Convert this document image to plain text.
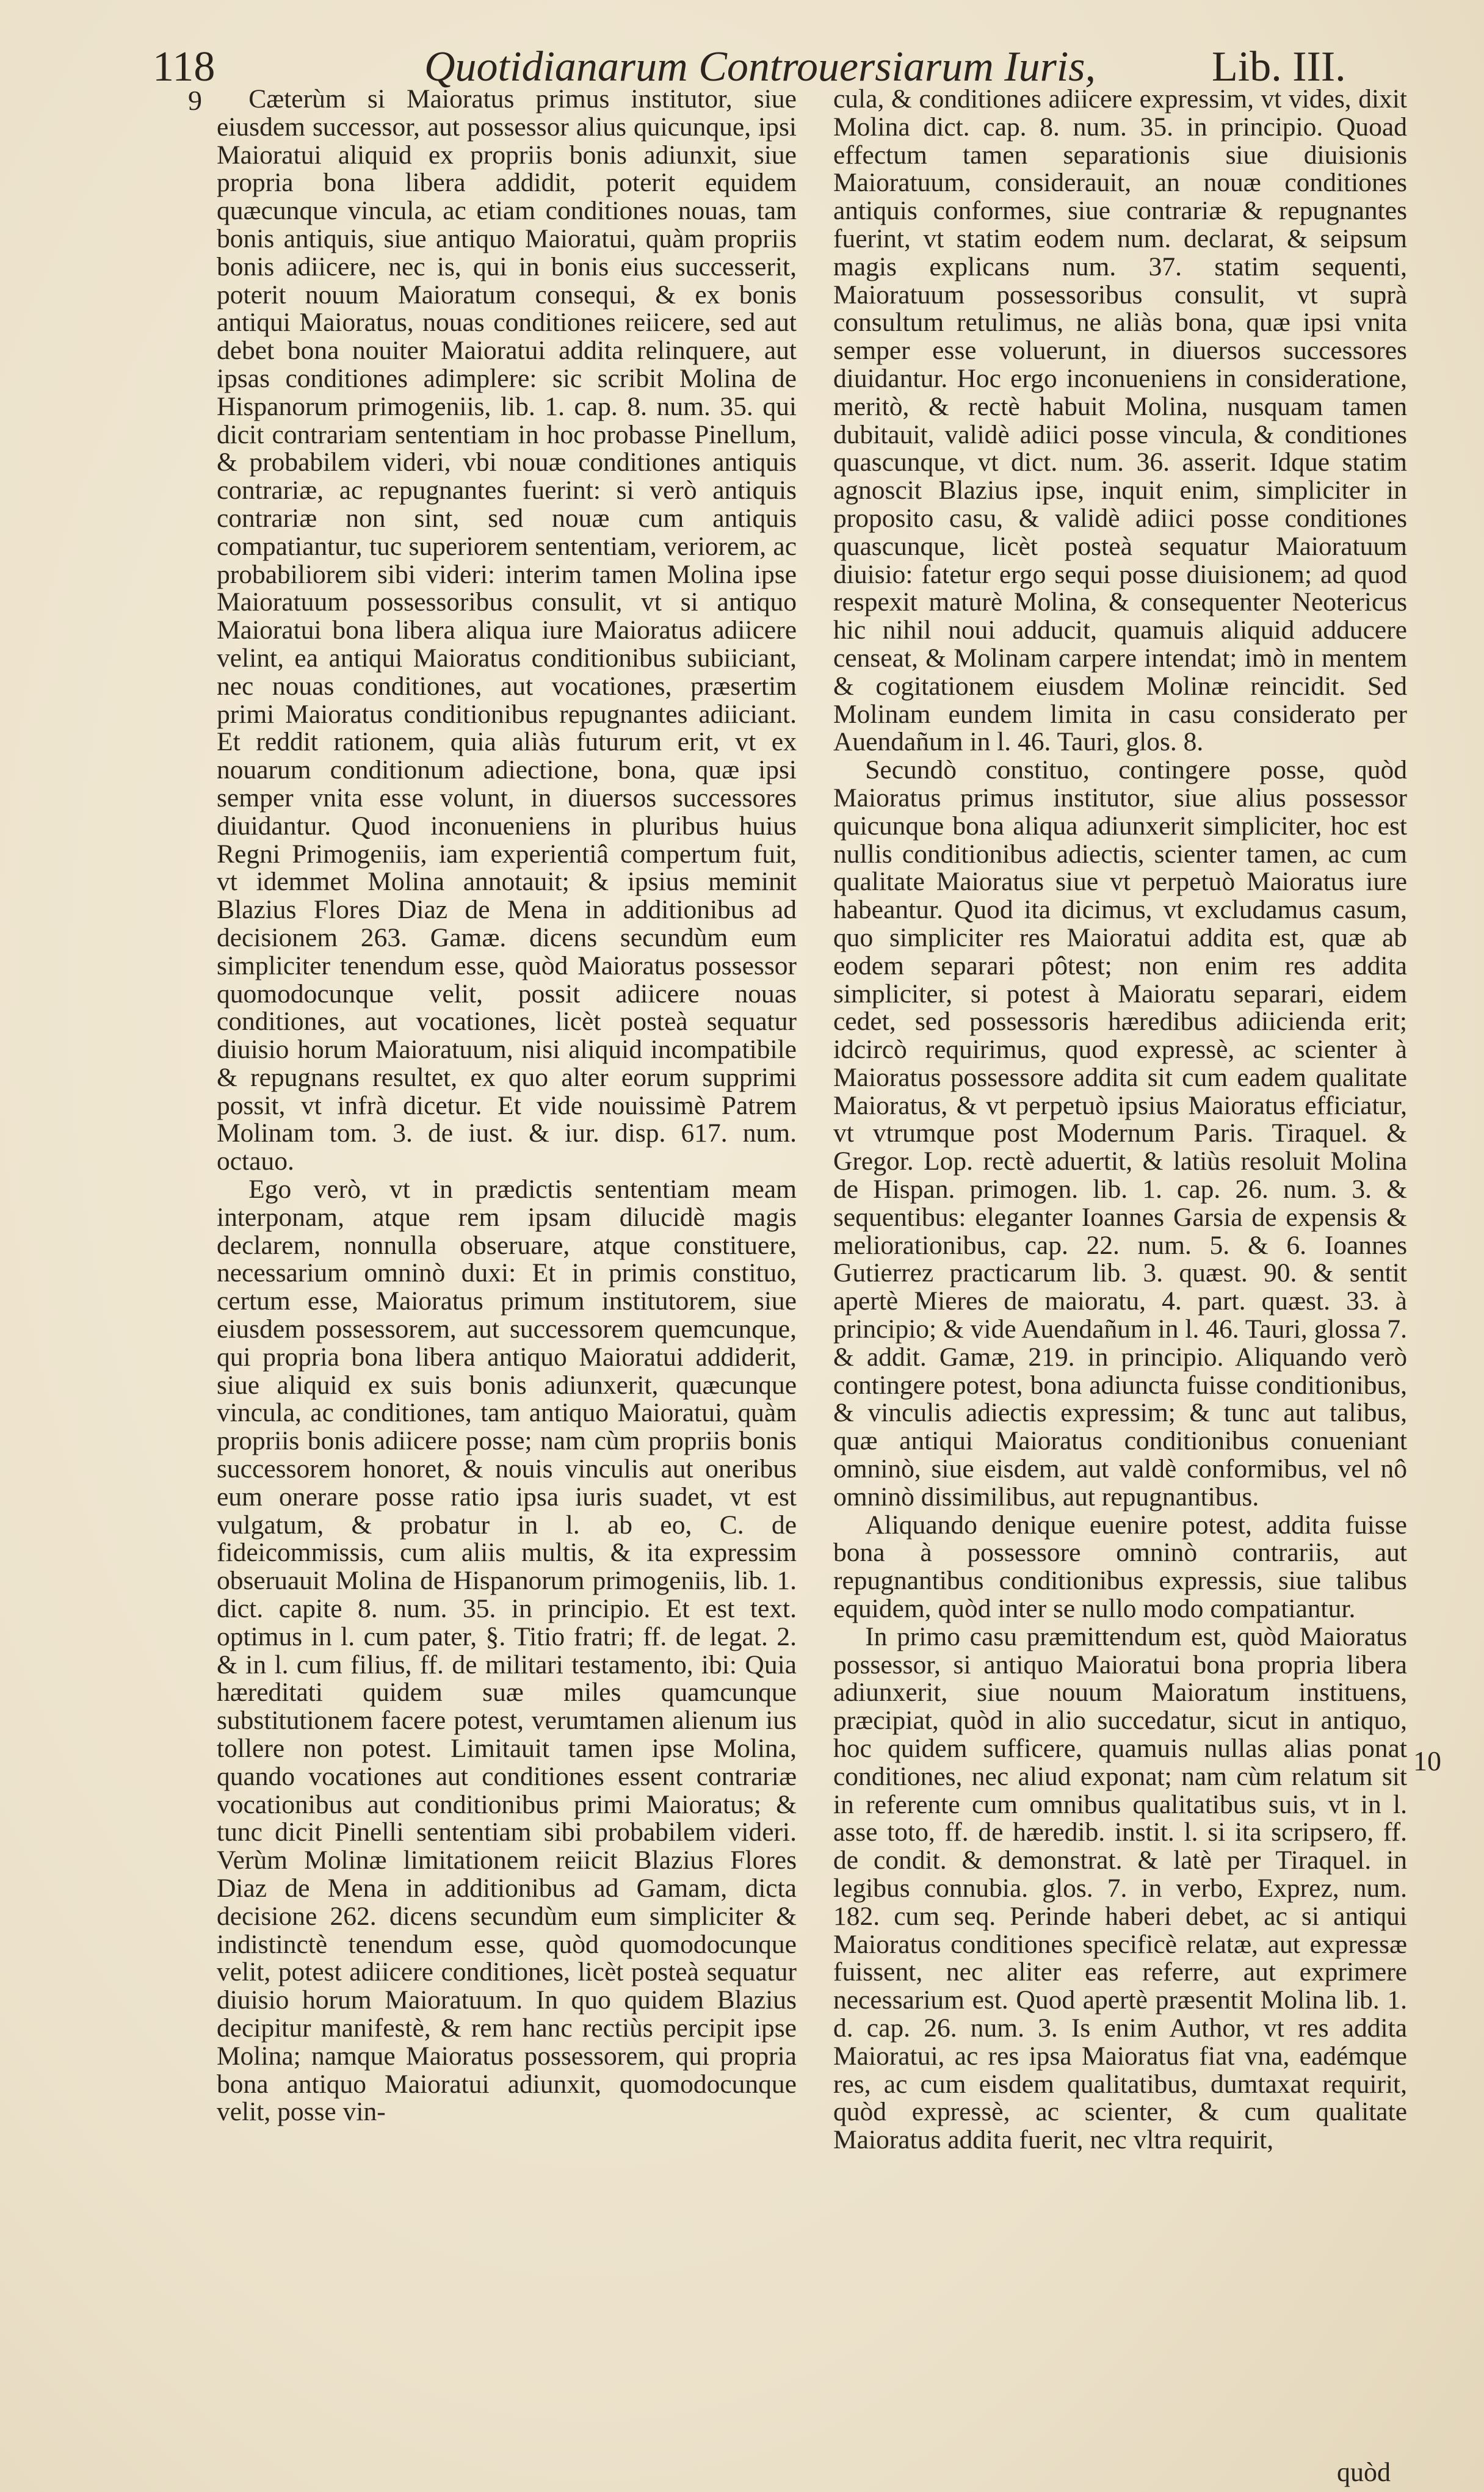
118	Quotidianarum Controuersiarum Iuris,	Lib. III.
9
10

Cæterùm si Maioratus primus institutor, siue eiusdem successor, aut possessor alius quicunque, ipsi Maioratui aliquid ex propriis bonis adiunxit, siue propria bona libera addidit, poterit equidem quæcunque vincula, ac etiam conditiones nouas, tam bonis antiquis, siue antiquo Maioratui, quàm propriis bonis adiicere, nec is, qui in bonis eius successerit, poterit nouum Maioratum consequi, & ex bonis antiqui Maioratus, nouas conditiones reiicere, sed aut debet bona nouiter Maioratui addita relinquere, aut ipsas conditiones adimplere: sic scribit Molina de Hispanorum primogeniis, lib. 1. cap. 8. num. 35. qui dicit contrariam sententiam in hoc probasse Pinellum, & probabilem videri, vbi nouæ conditiones antiquis contrariæ, ac repugnantes fuerint: si verò antiquis contrariæ non sint, sed nouæ cum antiquis compatiantur, tuc superiorem sententiam, veriorem, ac probabiliorem sibi videri: interim tamen Molina ipse Maioratuum possessoribus consulit, vt si antiquo Maioratui bona libera aliqua iure Maioratus adiicere velint, ea antiqui Maioratus conditionibus subiiciant, nec nouas conditiones, aut vocationes, præsertim primi Maioratus conditionibus repugnantes adiiciant. Et reddit rationem, quia aliàs futurum erit, vt ex nouarum conditionum adiectione, bona, quæ ipsi semper vnita esse volunt, in diuersos successores diuidantur. Quod inconueniens in pluribus huius Regni Primogeniis, iam experientiâ compertum fuit, vt idemmet Molina annotauit; & ipsius meminit Blazius Flores Diaz de Mena in additionibus ad decisionem 263. Gamæ. dicens secundùm eum simpliciter tenendum esse, quòd Maioratus possessor quomodocunque velit, possit adiicere nouas conditiones, aut vocationes, licèt posteà sequatur diuisio horum Maioratuum, nisi aliquid incompatibile & repugnans resultet, ex quo alter eorum supprimi possit, vt infrà dicetur. Et vide nouissimè Patrem Molinam tom. 3. de iust. & iur. disp. 617. num. octauo.

Ego verò, vt in prædictis sententiam meam interponam, atque rem ipsam dilucidè magis declarem, nonnulla obseruare, atque constituere, necessarium omninò duxi: Et in primis constituo, certum esse, Maioratus primum institutorem, siue eiusdem possessorem, aut successorem quemcunque, qui propria bona libera antiquo Maioratui addiderit, siue aliquid ex suis bonis adiunxerit, quæcunque vincula, ac conditiones, tam antiquo Maioratui, quàm propriis bonis adiicere posse; nam cùm propriis bonis successorem honoret, & nouis vinculis aut oneribus eum onerare posse ratio ipsa iuris suadet, vt est vulgatum, & probatur in l. ab eo, C. de fideicommissis, cum aliis multis, & ita expressim obseruauit Molina de Hispanorum primogeniis, lib. 1. dict. capite 8. num. 35. in principio. Et est text. optimus in l. cum pater, §. Titio fratri; ff. de legat. 2. & in l. cum filius, ff. de militari testamento, ibi: Quia hæreditati quidem suæ miles quamcunque substitutionem facere potest, verumtamen alienum ius tollere non potest. Limitauit tamen ipse Molina, quando vocationes aut conditiones essent contrariæ vocationibus aut conditionibus primi Maioratus; & tunc dicit Pinelli sententiam sibi probabilem videri. Verùm Molinæ limitationem reiicit Blazius Flores Diaz de Mena in additionibus ad Gamam, dicta decisione 262. dicens secundùm eum simpliciter & indistinctè tenendum esse, quòd quomodocunque velit, potest adiicere conditiones, licèt posteà sequatur diuisio horum Maioratuum. In quo quidem Blazius decipitur manifestè, & rem hanc rectiùs percipit ipse Molina; namque Maioratus possessorem, qui propria bona antiquo Maioratui adiunxit, quomodocunque velit, posse vin-

cula, & conditiones adiicere expressim, vt vides, dixit Molina dict. cap. 8. num. 35. in principio. Quoad effectum tamen separationis siue diuisionis Maioratuum, considerauit, an nouæ conditiones antiquis conformes, siue contrariæ & repugnantes fuerint, vt statim eodem num. declarat, & seipsum magis explicans num. 37. statim sequenti, Maioratuum possessoribus consulit, vt suprà consultum retulimus, ne aliàs bona, quæ ipsi vnita semper esse voluerunt, in diuersos successores diuidantur. Hoc ergo inconueniens in consideratione, meritò, & rectè habuit Molina, nusquam tamen dubitauit, validè adiici posse vincula, & conditiones quascunque, vt dict. num. 36. asserit. Idque statim agnoscit Blazius ipse, inquit enim, simpliciter in proposito casu, & validè adiici posse conditiones quascunque, licèt posteà sequatur Maioratuum diuisio: fatetur ergo sequi posse diuisionem; ad quod respexit maturè Molina, & consequenter Neotericus hic nihil noui adducit, quamuis aliquid adducere censeat, & Molinam carpere intendat; imò in mentem & cogitationem eiusdem Molinæ reincidit. Sed Molinam eundem limita in casu considerato per Auendañum in l. 46. Tauri, glos. 8.

Secundò constituo, contingere posse, quòd Maioratus primus institutor, siue alius possessor quicunque bona aliqua adiunxerit simpliciter, hoc est nullis conditionibus adiectis, scienter tamen, ac cum qualitate Maioratus siue vt perpetuò Maioratus iure habeantur. Quod ita dicimus, vt excludamus casum, quo simpliciter res Maioratui addita est, quæ ab eodem separari pôtest; non enim res addita simpliciter, si potest à Maioratu separari, eidem cedet, sed possessoris hæredibus adiicienda erit; idcircò requirimus, quod expressè, ac scienter à Maioratus possessore addita sit cum eadem qualitate Maioratus, & vt perpetuò ipsius Maioratus efficiatur, vt vtrumque post Modernum Paris. Tiraquel. & Gregor. Lop. rectè aduertit, & latiùs resoluit Molina de Hispan. primogen. lib. 1. cap. 26. num. 3. & sequentibus: eleganter Ioannes Garsia de expensis & meliorationibus, cap. 22. num. 5. & 6. Ioannes Gutierrez practicarum lib. 3. quæst. 90. & sentit apertè Mieres de maioratu, 4. part. quæst. 33. à principio; & vide Auendañum in l. 46. Tauri, glossa 7. & addit. Gamæ, 219. in principio. Aliquando verò contingere potest, bona adiuncta fuisse conditionibus, & vinculis adiectis expressim; & tunc aut talibus, quæ antiqui Maioratus conditionibus conueniant omninò, siue eisdem, aut valdè conformibus, vel nô omninò dissimilibus, aut repugnantibus.

Aliquando denique euenire potest, addita fuisse bona à possessore omninò contrariis, aut repugnantibus conditionibus expressis, siue talibus equidem, quòd inter se nullo modo compatiantur.

In primo casu præmittendum est, quòd Maioratus possessor, si antiquo Maioratui bona propria libera adiunxerit, siue nouum Maioratum instituens, præcipiat, quòd in alio succedatur, sicut in antiquo, hoc quidem sufficere, quamuis nullas alias ponat conditiones, nec aliud exponat; nam cùm relatum sit in referente cum omnibus qualitatibus suis, vt in l. asse toto, ff. de hæredib. instit. l. si ita scripsero, ff. de condit. & demonstrat. & latè per Tiraquel. in legibus connubia. glos. 7. in verbo, Exprez, num. 182. cum seq. Perinde haberi debet, ac si antiqui Maioratus conditiones specificè relatæ, aut expressæ fuissent, nec aliter eas referre, aut exprimere necessarium est. Quod apertè præsentit Molina lib. 1. d. cap. 26. num. 3. Is enim Author, vt res addita Maioratui, ac res ipsa Maioratus fiat vna, eadémque res, ac cum eisdem qualitatibus, dumtaxat requirit, quòd expressè, ac scienter, & cum qualitate Maioratus addita fuerit, nec vltra requirit,

quòd
